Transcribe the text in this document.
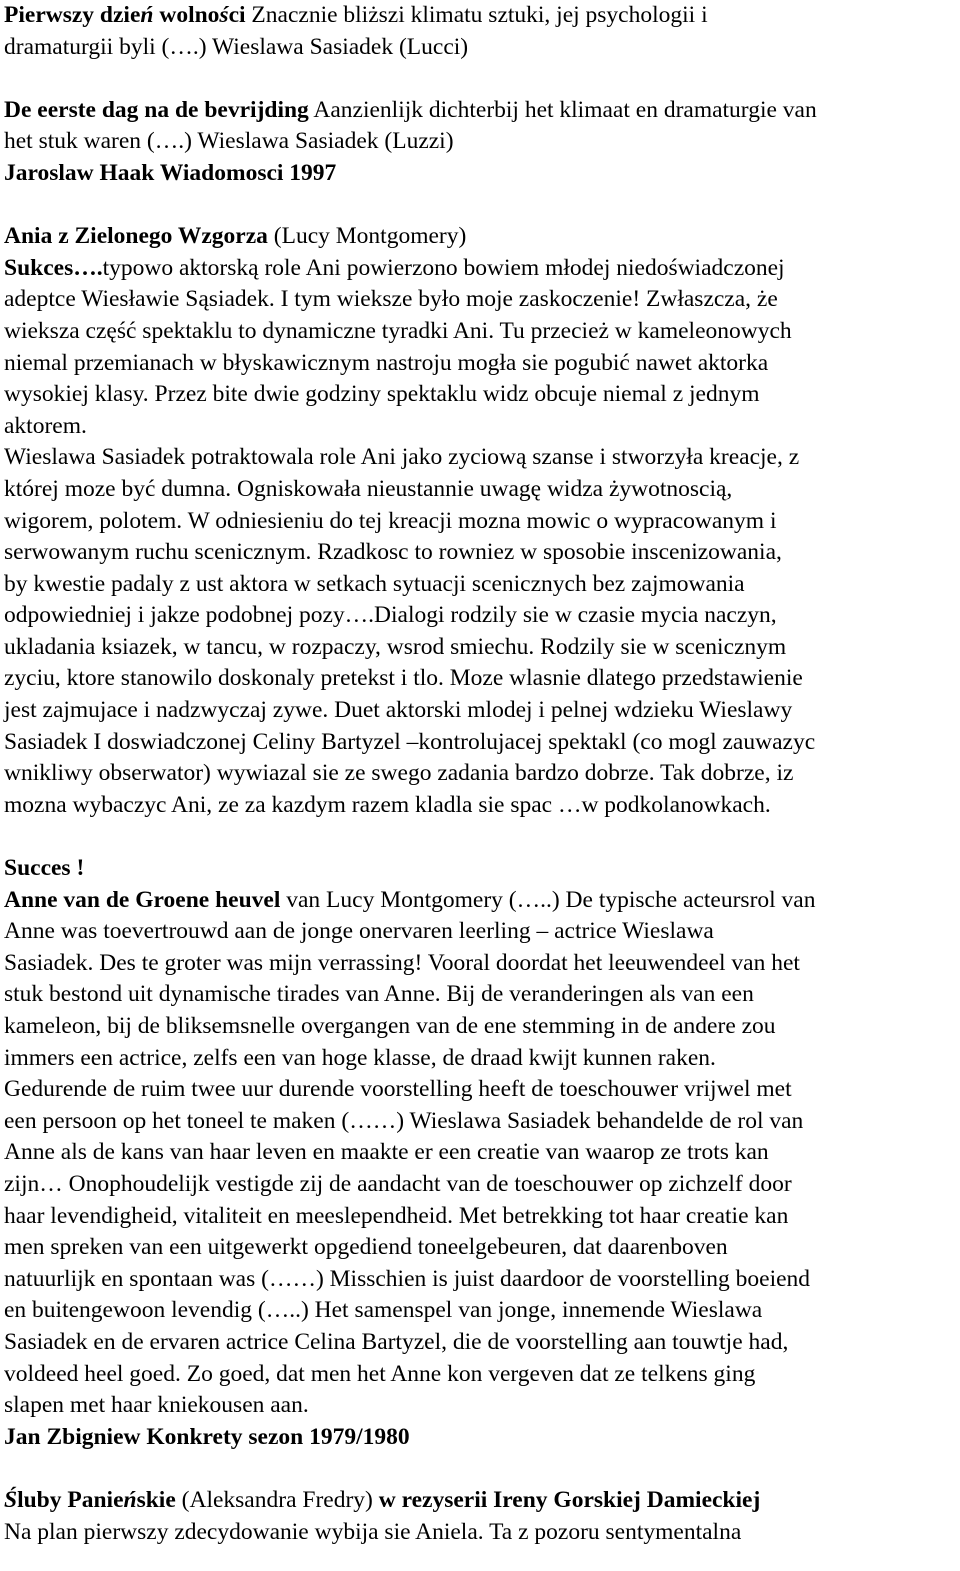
Pierwszy dzień wolności Znacznie bliższi klimatu sztuki, jej psychologii i
dramaturgii byli (….) Wieslawa Sasiadek (Lucci)
De eerste dag na de bevrijding Aanzienlijk dichterbij het klimaat en dramaturgie van
het stuk waren (….) Wieslawa Sasiadek (Luzzi)
Jaroslaw Haak Wiadomosci 1997
Ania z Zielonego Wzgorza (Lucy Montgomery)
Sukces….typowo aktorską role Ani powierzono bowiem młodej niedoświadczonej
adeptce Wiesławie Sąsiadek. I tym wieksze było moje zaskoczenie! Zwłaszcza, że
wieksza część spektaklu to dynamiczne tyradki Ani. Tu przecież w kameleonowych
niemal przemianach w błyskawicznym nastroju mogła sie pogubić nawet aktorka
wysokiej klasy. Przez bite dwie godziny spektaklu widz obcuje niemal z jednym
aktorem.
Wieslawa Sasiadek potraktowala role Ani jako zyciową szanse i stworzyła kreacje, z
której moze być dumna. Ogniskowała nieustannie uwagę widza żywotnoscią,
wigorem, polotem. W odniesieniu do tej kreacji mozna mowic o wypracowanym i
serwowanym ruchu scenicznym. Rzadkosc to rowniez w sposobie inscenizowania,
by kwestie padaly z ust aktora w setkach sytuacji scenicznych bez zajmowania
odpowiedniej i jakze podobnej pozy….Dialogi rodzily sie w czasie mycia naczyn,
ukladania ksiazek, w tancu, w rozpaczy, wsrod smiechu. Rodzily sie w scenicznym
zyciu, ktore stanowilo doskonaly pretekst i tlo. Moze wlasnie dlatego przedstawienie
jest zajmujace i nadzwyczaj zywe. Duet aktorski mlodej i pelnej wdzieku Wieslawy
Sasiadek I doswiadczonej Celiny Bartyzel –kontrolujacej spektakl (co mogl zauwazyc
wnikliwy obserwator) wywiazal sie ze swego zadania bardzo dobrze. Tak dobrze, iz
mozna wybaczyc Ani, ze za kazdym razem kladla sie spac …w podkolanowkach.
Succes !
Anne van de Groene heuvel van Lucy Montgomery (…..) De typische acteursrol van
Anne was toevertrouwd aan de jonge onervaren leerling – actrice Wieslawa
Sasiadek. Des te groter was mijn verrassing! Vooral doordat het leeuwendeel van het
stuk bestond uit dynamische tirades van Anne. Bij de veranderingen als van een
kameleon, bij de bliksemsnelle overgangen van de ene stemming in de andere zou
immers een actrice, zelfs een van hoge klasse, de draad kwijt kunnen raken.
Gedurende de ruim twee uur durende voorstelling heeft de toeschouwer vrijwel met
een persoon op het toneel te maken (……) Wieslawa Sasiadek behandelde de rol van
Anne als de kans van haar leven en maakte er een creatie van waarop ze trots kan
zijn… Onophoudelijk vestigde zij de aandacht van de toeschouwer op zichzelf door
haar levendigheid, vitaliteit en meeslependheid. Met betrekking tot haar creatie kan
men spreken van een uitgewerkt opgediend toneelgebeuren, dat daarenboven
natuurlijk en spontaan was (……) Misschien is juist daardoor de voorstelling boeiend
en buitengewoon levendig (…..) Het samenspel van jonge, innemende Wieslawa
Sasiadek en de ervaren actrice Celina Bartyzel, die de voorstelling aan touwtje had,
voldeed heel goed. Zo goed, dat men het Anne kon vergeven dat ze telkens ging
slapen met haar kniekousen aan.
Jan Zbigniew Konkrety sezon 1979/1980
Śluby Panieńskie (Aleksandra Fredry) w rezyserii Ireny Gorskiej Damieckiej
Na plan pierwszy zdecydowanie wybija sie Aniela. Ta z pozoru sentymentalna
